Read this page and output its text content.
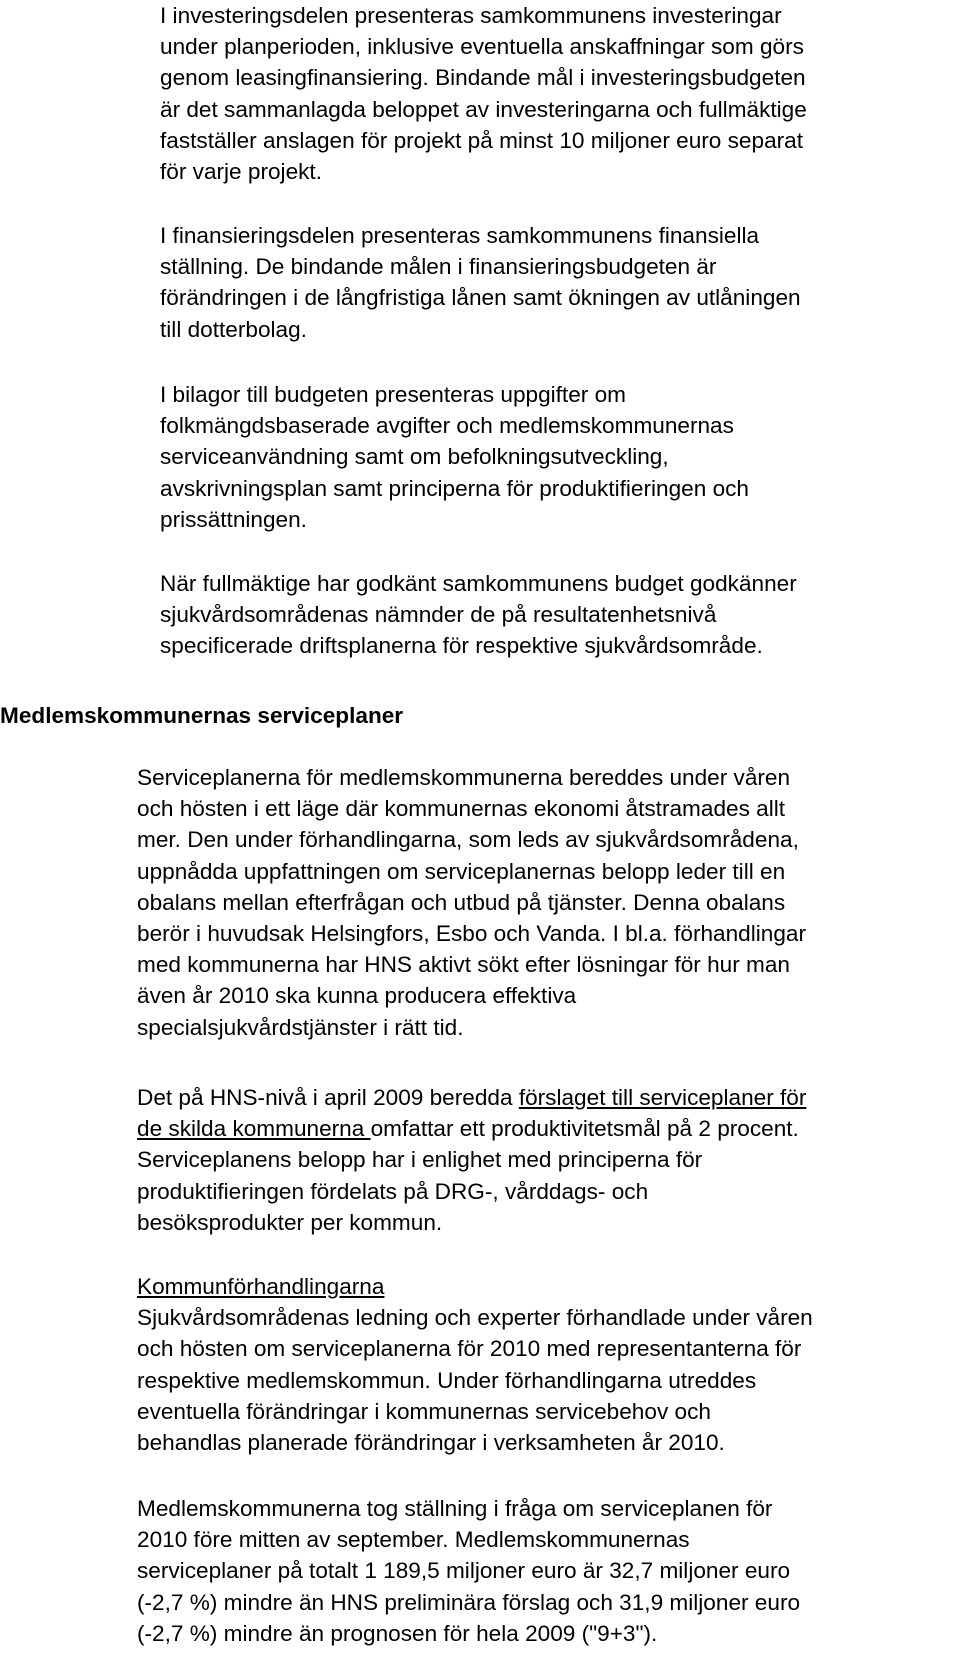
I investeringsdelen presenteras samkommunens investeringar
under planperioden, inklusive eventuella anskaffningar som görs
genom leasingfinansiering. Bindande mål i investeringsbudgeten
är det sammanlagda beloppet av investeringarna och fullmäktige
fastställer anslagen för projekt på minst 10 miljoner euro separat
för varje projekt.

I finansieringsdelen presenteras samkommunens finansiella
ställning. De bindande målen i finansieringsbudgeten är
förändringen i de långfristiga lånen samt ökningen av utlåningen
till dotterbolag.

I bilagor till budgeten presenteras uppgifter om
folkmängdsbaserade avgifter och medlemskommunernas
serviceanvändning samt om befolkningsutveckling,
avskrivningsplan samt principerna för produktifieringen och
prissättningen.

När fullmäktige har godkänt samkommunens budget godkänner
sjukvårdsområdenas nämnder de på resultatenhetsnivå
specificerade driftsplanerna för respektive sjukvårdsområde.

Medlemskommunernas serviceplaner

Serviceplanerna för medlemskommunerna bereddes under våren
och hösten i ett läge där kommunernas ekonomi åtstramades allt
mer. Den under förhandlingarna, som leds av sjukvårdsområdena,
uppnådda uppfattningen om serviceplanernas belopp leder till en
obalans mellan efterfrågan och utbud på tjänster. Denna obalans
berör i huvudsak Helsingfors, Esbo och Vanda. I bl.a. förhandlingar
med kommunerna har HNS aktivt sökt efter lösningar för hur man
även år 2010 ska kunna producera effektiva
specialsjukvårdstjänster i rätt tid.

Det på HNS-nivå i april 2009 beredda förslaget till serviceplaner för
de skilda kommunerna omfattar ett produktivitetsmål på 2 procent.
Serviceplanens belopp har i enlighet med principerna för
produktifieringen fördelats på DRG-, vårddags- och
besöksprodukter per kommun.

Kommunförhandlingarna
Sjukvårdsområdenas ledning och experter förhandlade under våren
och hösten om serviceplanerna för 2010 med representanterna för
respektive medlemskommun. Under förhandlingarna utreddes
eventuella förändringar i kommunernas servicebehov och
behandlas planerade förändringar i verksamheten år 2010.

Medlemskommunerna tog ställning i fråga om serviceplanen för
2010 före mitten av september. Medlemskommunernas
serviceplaner på totalt 1 189,5 miljoner euro är 32,7 miljoner euro
(-2,7 %) mindre än HNS preliminära förslag och 31,9 miljoner euro
(-2,7 %) mindre än prognosen för hela 2009 ("9+3").
